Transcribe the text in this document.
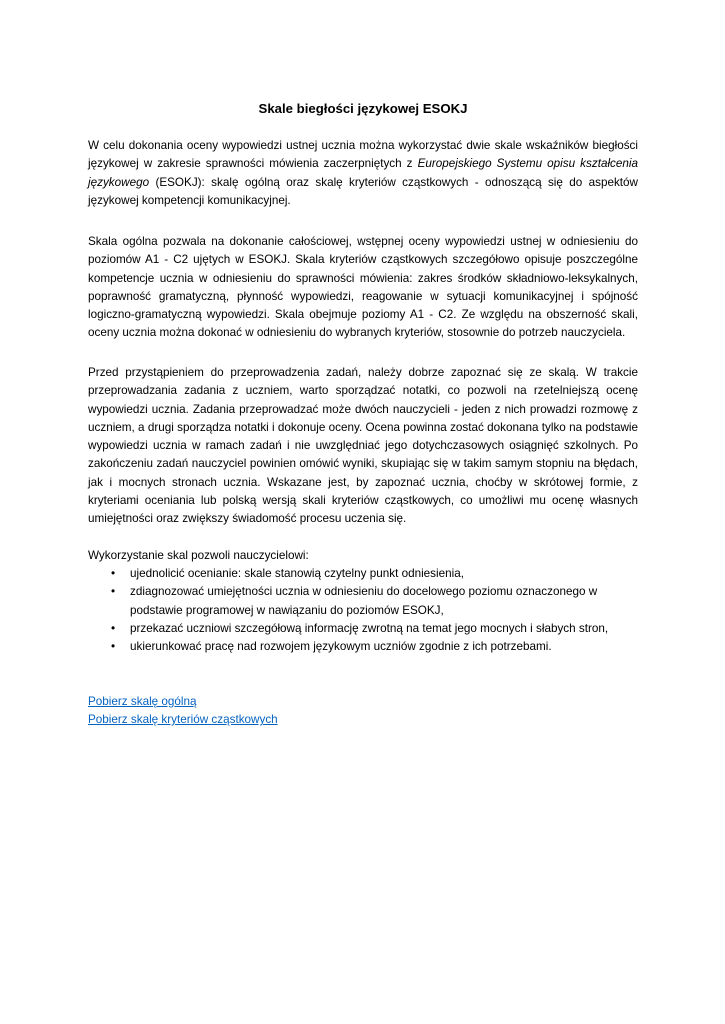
Skale biegłości językowej ESOKJ

W celu dokonania oceny wypowiedzi ustnej ucznia można wykorzystać dwie skale wskaźników biegłości językowej w zakresie sprawności mówienia zaczerpniętych z Europejskiego Systemu opisu kształcenia językowego (ESOKJ): skalę ogólną oraz skalę kryteriów cząstkowych - odnoszącą się do aspektów językowej kompetencji komunikacyjnej.

Skala ogólna pozwala na dokonanie całościowej, wstępnej oceny wypowiedzi ustnej w odniesieniu do poziomów A1 - C2 ujętych w ESOKJ. Skala kryteriów cząstkowych szczegółowo opisuje poszczególne kompetencje ucznia w odniesieniu do sprawności mówienia: zakres środków składniowo-leksykalnych, poprawność gramatyczną, płynność wypowiedzi, reagowanie w sytuacji komunikacyjnej i spójność logiczno-gramatyczną wypowiedzi. Skala obejmuje poziomy A1 - C2. Ze względu na obszerność skali, oceny ucznia można dokonać w odniesieniu do wybranych kryteriów, stosownie do potrzeb nauczyciela.

Przed przystąpieniem do przeprowadzenia zadań, należy dobrze zapoznać się ze skalą. W trakcie przeprowadzania zadania z uczniem, warto sporządzać notatki, co pozwoli na rzetelniejszą ocenę wypowiedzi ucznia. Zadania przeprowadzać może dwóch nauczycieli - jeden z nich prowadzi rozmowę z uczniem, a drugi sporządza notatki i dokonuje oceny. Ocena powinna zostać dokonana tylko na podstawie wypowiedzi ucznia w ramach zadań i nie uwzględniać jego dotychczasowych osiągnięć szkolnych. Po zakończeniu zadań nauczyciel powinien omówić wyniki, skupiając się w takim samym stopniu na błędach, jak i mocnych stronach ucznia. Wskazane jest, by zapoznać ucznia, choćby w skrótowej formie, z kryteriami oceniania lub polską wersją skali kryteriów cząstkowych, co umożliwi mu ocenę własnych umiejętności oraz zwiększy świadomość procesu uczenia się.

Wykorzystanie skal pozwoli nauczycielowi:

• ujednolicić ocenianie: skale stanowią czytelny punkt odniesienia,
• zdiagnozować umiejętności ucznia w odniesieniu do docelowego poziomu oznaczonego w podstawie programowej w nawiązaniu do poziomów ESOKJ,
• przekazać uczniowi szczegółową informację zwrotną na temat jego mocnych i słabych stron,
• ukierunkować pracę nad rozwojem językowym uczniów zgodnie z ich potrzebami.
Pobierz skalę ogólną
Pobierz skalę kryteriów cząstkowych
